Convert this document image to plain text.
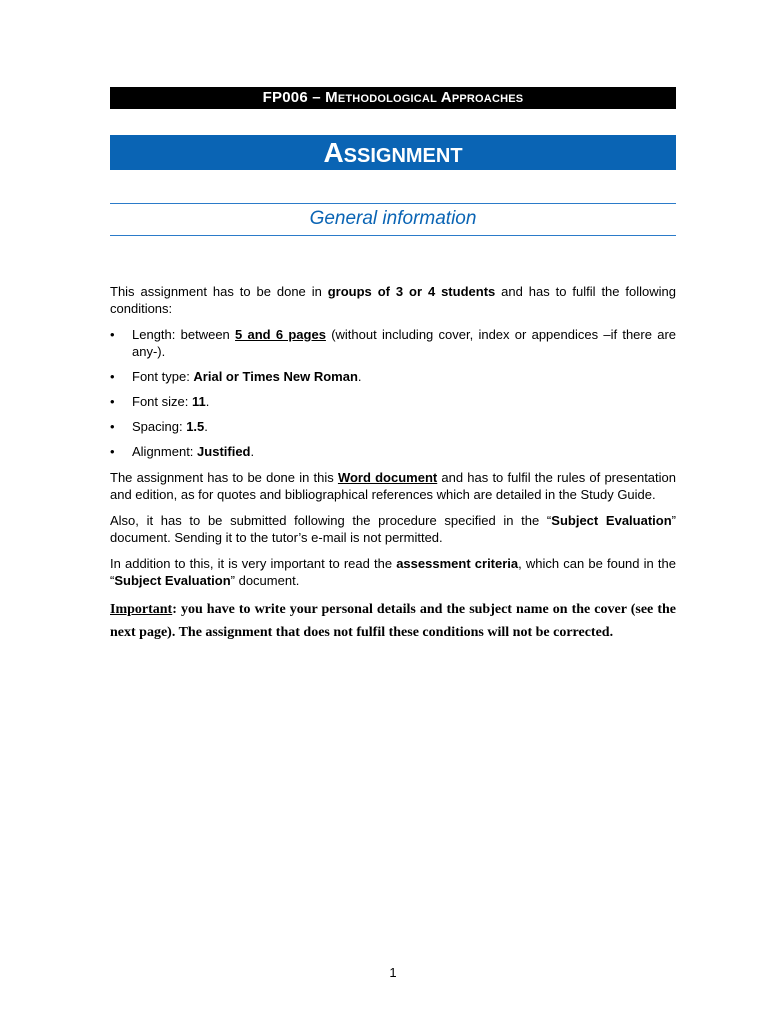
FP006 – Methodological Approaches
Assignment
General information

This assignment has to be done in groups of 3 or 4 students and has to fulfil the following conditions:

• Length: between 5 and 6 pages (without including cover, index or appendices –if there are any-).
• Font type: Arial or Times New Roman.
• Font size: 11.
• Spacing: 1.5.
• Alignment: Justified.

The assignment has to be done in this Word document and has to fulfil the rules of presentation and edition, as for quotes and bibliographical references which are detailed in the Study Guide.

Also, it has to be submitted following the procedure specified in the “Subject Evaluation” document. Sending it to the tutor’s e-mail is not permitted.

In addition to this, it is very important to read the assessment criteria, which can be found in the “Subject Evaluation” document.

Important: you have to write your personal details and the subject name on the cover (see the next page). The assignment that does not fulfil these conditions will not be corrected.

1
